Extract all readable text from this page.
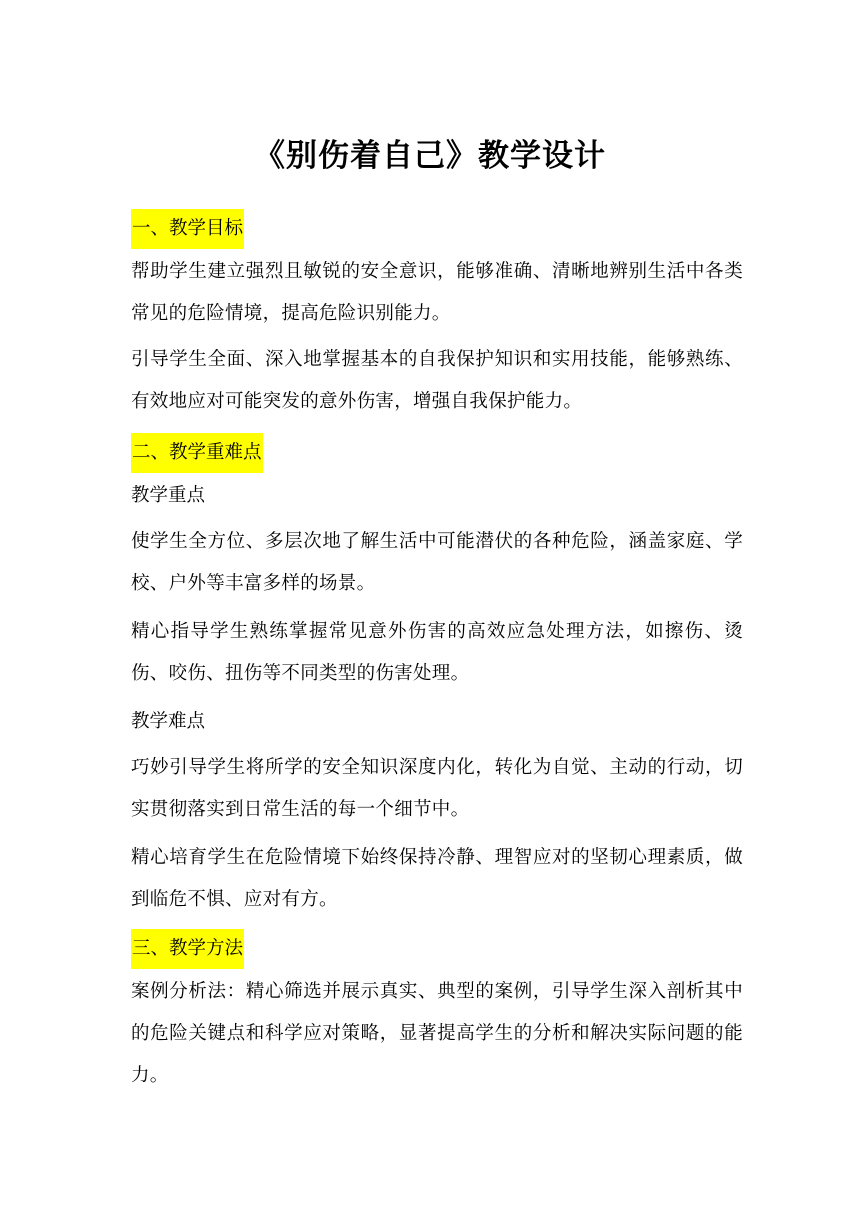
《别伤着自己》教学设计
一、教学目标
帮助学生建立强烈且敏锐的安全意识，能够准确、清晰地辨别生活中各类常见的危险情境，提高危险识别能力。
引导学生全面、深入地掌握基本的自我保护知识和实用技能，能够熟练、有效地应对可能突发的意外伤害，增强自我保护能力。
二、教学重难点
教学重点
使学生全方位、多层次地了解生活中可能潜伏的各种危险，涵盖家庭、学校、户外等丰富多样的场景。
精心指导学生熟练掌握常见意外伤害的高效应急处理方法，如擦伤、烫伤、咬伤、扭伤等不同类型的伤害处理。
教学难点
巧妙引导学生将所学的安全知识深度内化，转化为自觉、主动的行动，切实贯彻落实到日常生活的每一个细节中。
精心培育学生在危险情境下始终保持冷静、理智应对的坚韧心理素质，做到临危不惧、应对有方。
三、教学方法
案例分析法：精心筛选并展示真实、典型的案例，引导学生深入剖析其中的危险关键点和科学应对策略，显著提高学生的分析和解决实际问题的能力。
